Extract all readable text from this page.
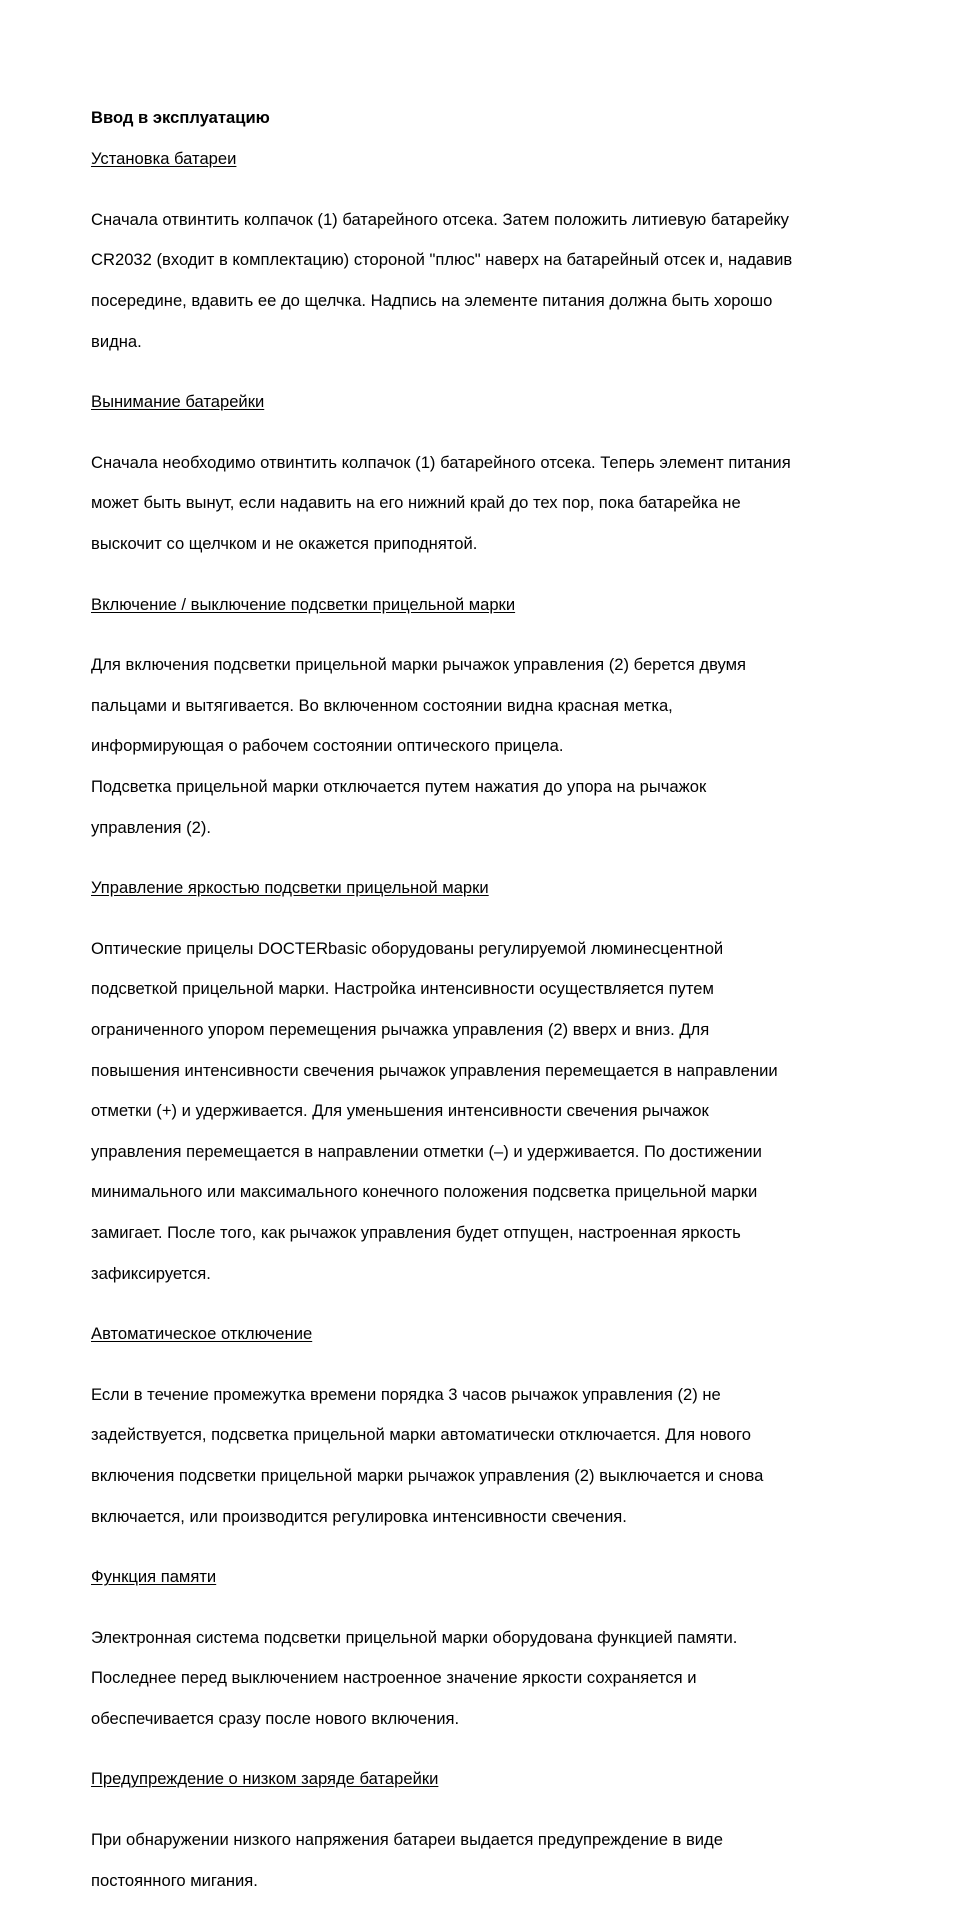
Ввод в эксплуатацию
Установка батареи

Сначала отвинтить колпачок (1) батарейного отсека. Затем положить литиевую батарейку

CR2032 (входит в комплектацию) стороной "плюс" наверх на батарейный отсек и, надавив

посередине, вдавить ее до щелчка. Надпись на элементе питания должна быть хорошо

видна.

Вынимание батарейки

Сначала необходимо отвинтить колпачок (1) батарейного отсека. Теперь элемент питания

может быть вынут, если надавить на его нижний край до тех пор, пока батарейка не

выскочит со щелчком и не окажется приподнятой.

Включение / выключение подсветки прицельной марки

Для включения подсветки прицельной марки рычажок управления (2) берется двумя

пальцами и вытягивается. Во включенном состоянии видна красная метка,

информирующая о рабочем состоянии оптического прицела.

Подсветка прицельной марки отключается путем нажатия до упора на рычажок

управления (2).

Управление яркостью подсветки прицельной марки

Оптические прицелы DOCTERbasic оборудованы регулируемой люминесцентной

подсветкой прицельной марки. Настройка интенсивности осуществляется путем

ограниченного упором перемещения рычажка управления (2) вверх и вниз. Для

повышения интенсивности свечения рычажок управления перемещается в направлении

отметки (+) и удерживается. Для уменьшения интенсивности свечения рычажок

управления перемещается в направлении отметки (–) и удерживается. По достижении

минимального или максимального конечного положения подсветка прицельной марки

замигает. После того, как рычажок управления будет отпущен, настроенная яркость

зафиксируется.

Автоматическое отключение

Если в течение промежутка времени порядка 3 часов рычажок управления (2) не

задействуется, подсветка прицельной марки автоматически отключается. Для нового

включения подсветки прицельной марки рычажок управления (2) выключается и снова

включается, или производится регулировка интенсивности свечения.

Функция памяти

Электронная система подсветки прицельной марки оборудована функцией памяти.

Последнее перед выключением настроенное значение яркости сохраняется и

обеспечивается сразу после нового включения.

Предупреждение о низком заряде батарейки

При обнаружении низкого напряжения батареи выдается предупреждение в виде

постоянного мигания.
